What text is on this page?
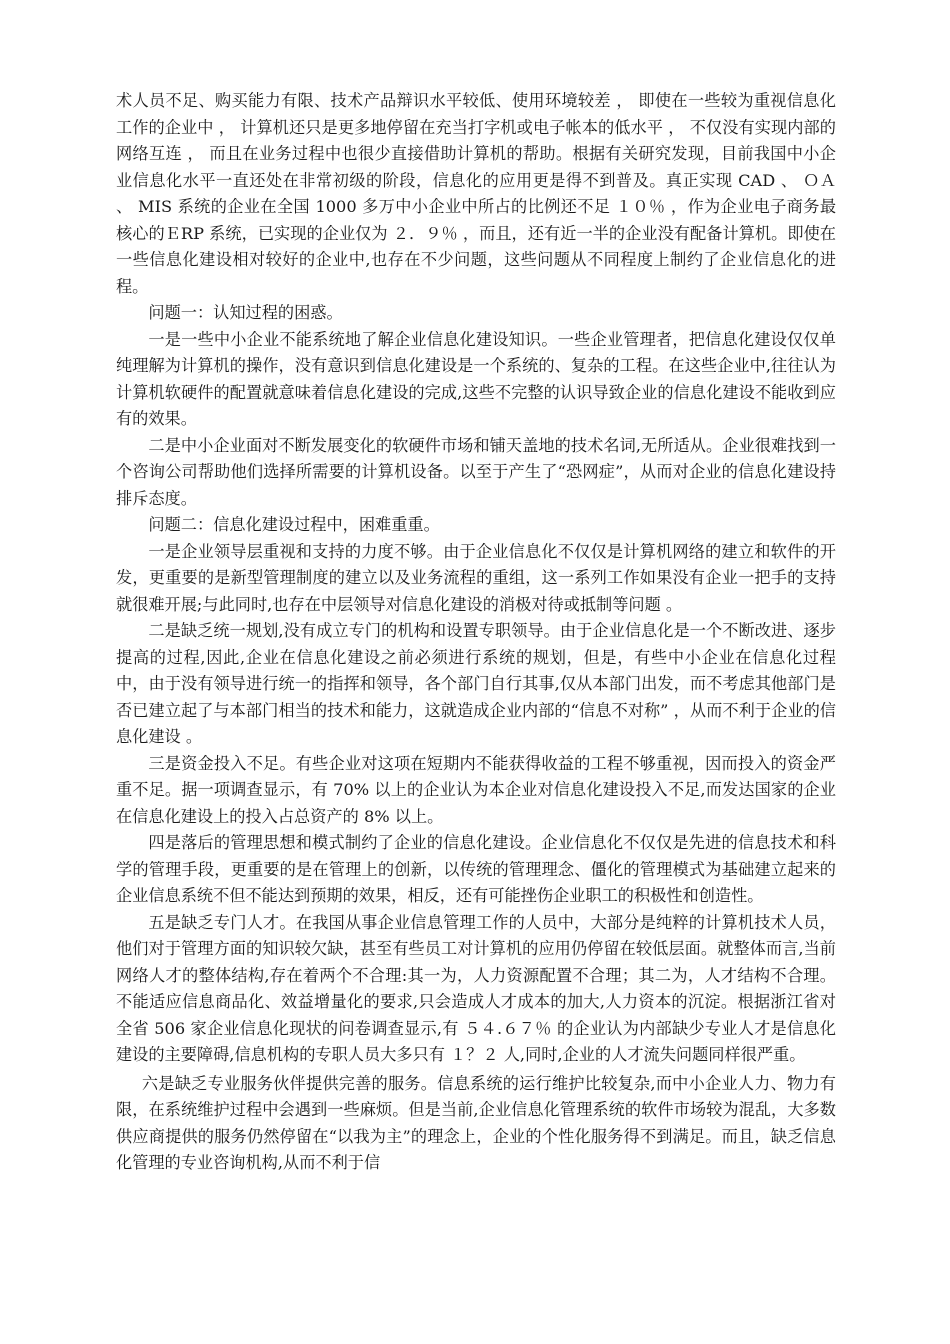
术人员不足、购买能力有限、技术产品辩识水平较低、使用环境较差 ， 即使在一些较为重视信息化工作的企业中 ， 计算机还只是更多地停留在充当打字机或电子帐本的低水平 ， 不仅没有实现内部的网络互连 ， 而且在业务过程中也很少直接借助计算机的帮助。根据有关研究发现，目前我国中小企业信息化水平一直还处在非常初级的阶段，信息化的应用更是得不到普及。真正实现 CAD 、 ＯＡ 、 MIS 系统的企业在全国 1000 多万中小企业中所占的比例还不足 １０％ ，作为企业电子商务最核心的ＥRP 系统，已实现的企业仅为 ２．９％ ，而且，还有近一半的企业没有配备计算机。即使在一些信息化建设相对较好的企业中,也存在不少问题，这些问题从不同程度上制约了企业信息化的进程。

问题一：认知过程的困惑。

一是一些中小企业不能系统地了解企业信息化建设知识。一些企业管理者，把信息化建设仅仅单纯理解为计算机的操作，没有意识到信息化建设是一个系统的、复杂的工程。在这些企业中,往往认为计算机软硬件的配置就意味着信息化建设的完成,这些不完整的认识导致企业的信息化建设不能收到应有的效果。

二是中小企业面对不断发展变化的软硬件市场和铺天盖地的技术名词,无所适从。企业很难找到一个咨询公司帮助他们选择所需要的计算机设备。以至于产生了“恐网症”，从而对企业的信息化建设持排斥态度。

问题二：信息化建设过程中，困难重重。

一是企业领导层重视和支持的力度不够。由于企业信息化不仅仅是计算机网络的建立和软件的开发，更重要的是新型管理制度的建立以及业务流程的重组，这一系列工作如果没有企业一把手的支持就很难开展;与此同时,也存在中层领导对信息化建设的消极对待或抵制等问题 。

二是缺乏统一规划,没有成立专门的机构和设置专职领导。由于企业信息化是一个不断改进、逐步提高的过程,因此,企业在信息化建设之前必须进行系统的规划，但是，有些中小企业在信息化过程中，由于没有领导进行统一的指挥和领导，各个部门自行其事,仅从本部门出发，而不考虑其他部门是否已建立起了与本部门相当的技术和能力，这就造成企业内部的“信息不对称” ，从而不利于企业的信息化建设 。

三是资金投入不足。有些企业对这项在短期内不能获得收益的工程不够重视，因而投入的资金严重不足。据一项调查显示，有 70% 以上的企业认为本企业对信息化建设投入不足,而发达国家的企业在信息化建设上的投入占总资产的 8% 以上。

四是落后的管理思想和模式制约了企业的信息化建设。企业信息化不仅仅是先进的信息技术和科学的管理手段，更重要的是在管理上的创新，以传统的管理理念、僵化的管理模式为基础建立起来的企业信息系统不但不能达到预期的效果，相反，还有可能挫伤企业职工的积极性和创造性。

五是缺乏专门人才。在我国从事企业信息管理工作的人员中，大部分是纯粹的计算机技术人员，他们对于管理方面的知识较欠缺，甚至有些员工对计算机的应用仍停留在较低层面。就整体而言,当前网络人才的整体结构,存在着两个不合理:其一为，人力资源配置不合理；其二为，人才结构不合理。不能适应信息商品化、效益增量化的要求,只会造成人才成本的加大,人力资本的沉淀。根据浙江省对全省 506 家企业信息化现状的问卷调查显示,有 ５４.６７％ 的企业认为内部缺少专业人才是信息化建设的主要障碍,信息机构的专职人员大多只有 １？２ 人,同时,企业的人才流失问题同样很严重。

六是缺乏专业服务伙伴提供完善的服务。信息系统的运行维护比较复杂,而中小企业人力、物力有限，在系统维护过程中会遇到一些麻烦。但是当前,企业信息化管理系统的软件市场较为混乱，大多数供应商提供的服务仍然停留在“以我为主”的理念上，企业的个性化服务得不到满足。而且，缺乏信息化管理的专业咨询机构,从而不利于信
